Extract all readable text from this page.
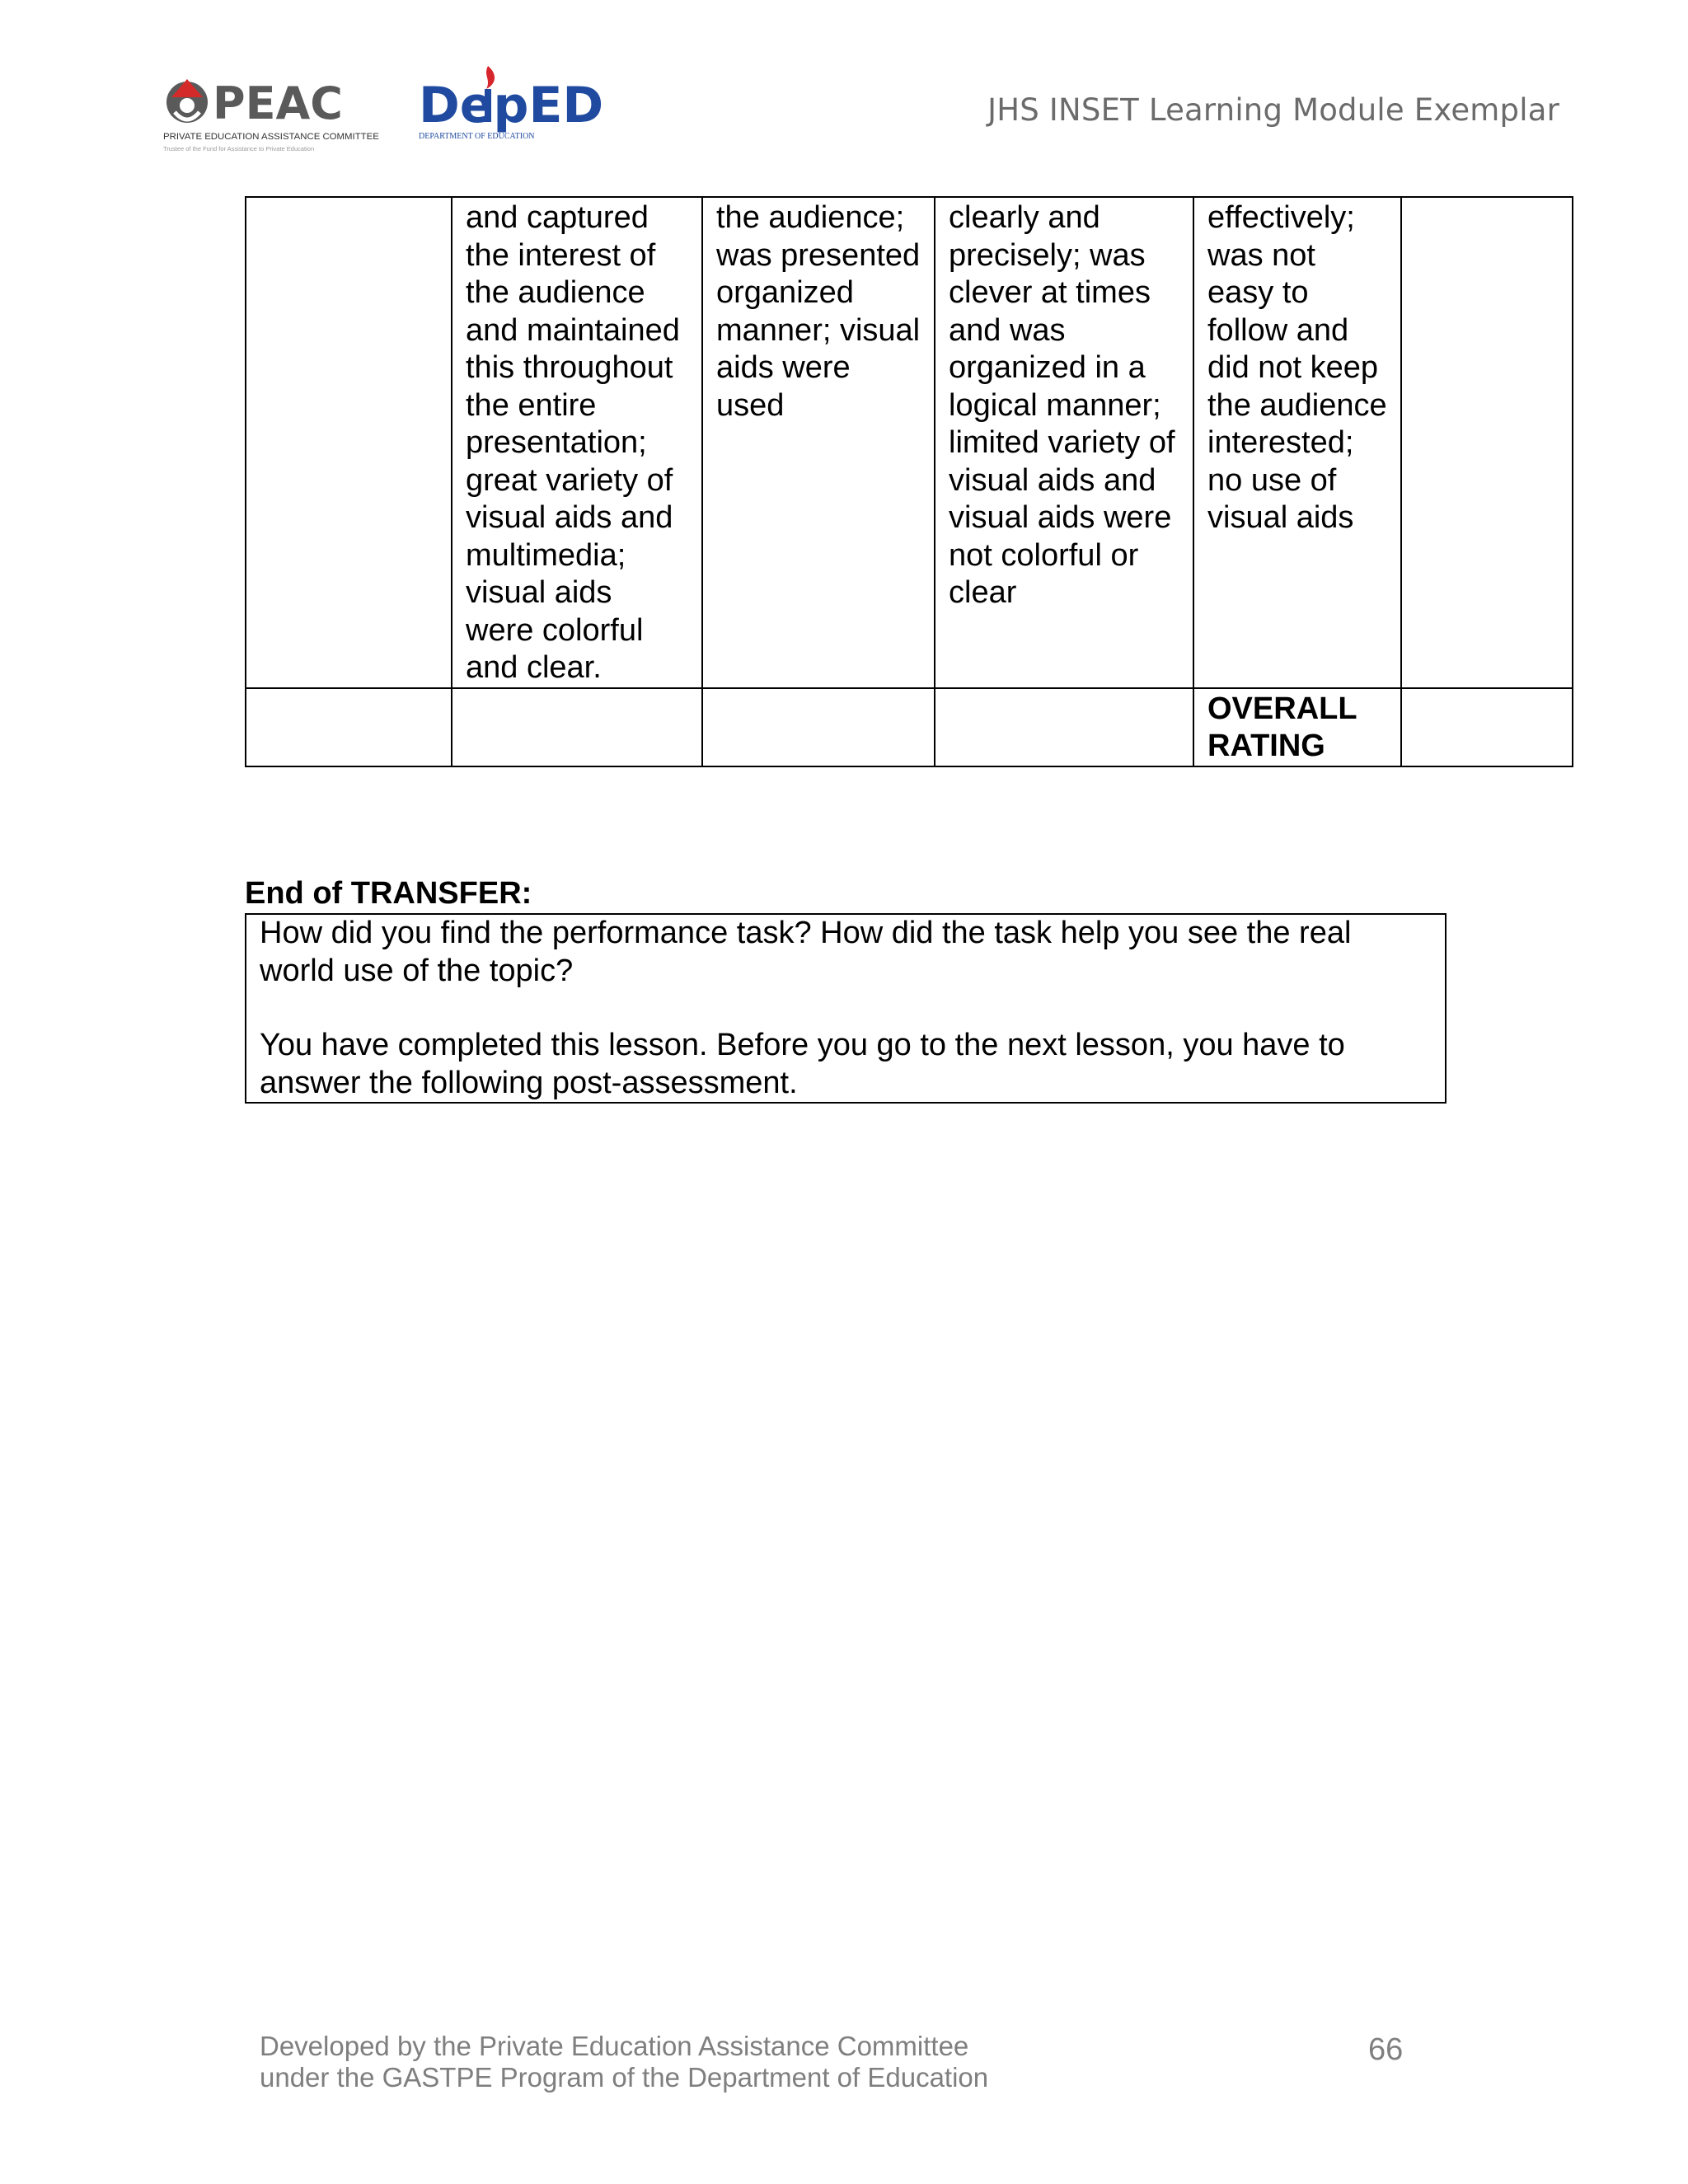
PEAC
PRIVATE EDUCATION ASSISTANCE COMMITTEE
Trustee of the Fund for Assistance to Private Education
DepED
DEPARTMENT OF EDUCATION
JHS INSET Learning Module Exemplar
	and captured the interest of the audience and maintained this throughout the entire presentation; great variety of visual aids and multimedia; visual aids were colorful and clear.	the audience; was presented organized manner; visual aids were used	clearly and precisely; was clever at times and was organized in a logical manner; limited variety of visual aids and visual aids were not colorful or clear	effectively; was not easy to follow and did not keep the audience interested; no use of visual aids	
				OVERALL RATING	
End of TRANSFER:

How did you find the performance task? How did the task help you see the real world use of the topic?

You have completed this lesson. Before you go to the next lesson, you have to answer the following post-assessment.

Developed by the Private Education Assistance Committee
under the GASTPE Program of the Department of Education
66
